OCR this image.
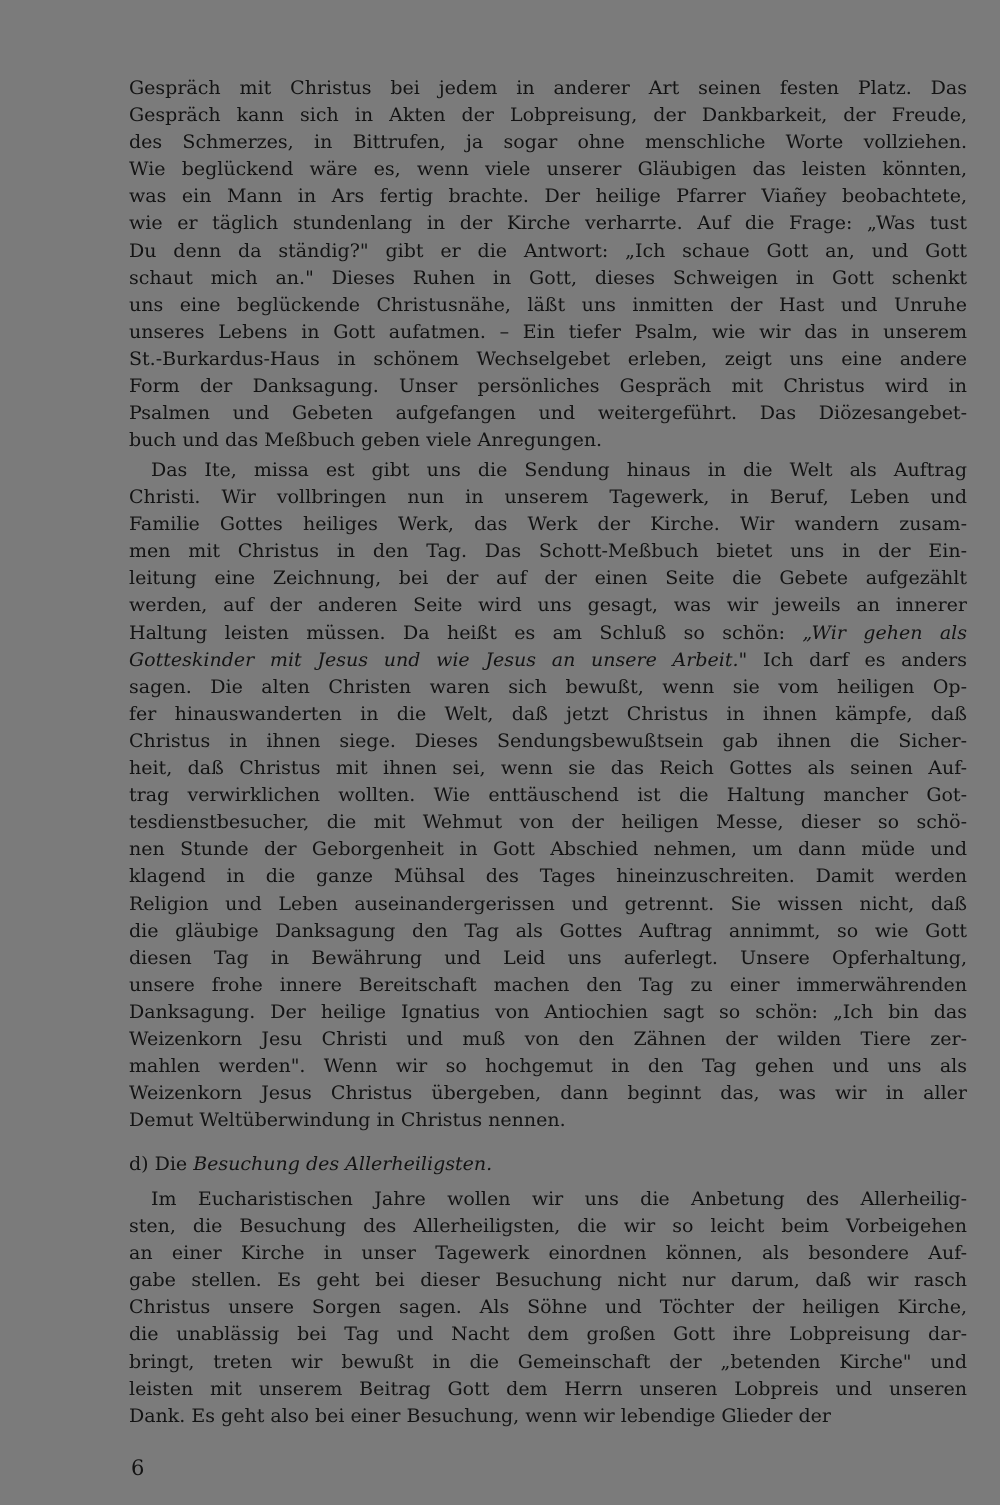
Gespräch mit Christus bei jedem in anderer Art seinen festen Platz. Das
Gespräch kann sich in Akten der Lobpreisung, der Dankbarkeit, der Freude,
des Schmerzes, in Bittrufen, ja sogar ohne menschliche Worte vollziehen.
Wie beglückend wäre es, wenn viele unserer Gläubigen das leisten könnten,
was ein Mann in Ars fertig brachte. Der heilige Pfarrer Viañey beobachtete,
wie er täglich stundenlang in der Kirche verharrte. Auf die Frage: „Was tust
Du denn da ständig?" gibt er die Antwort: „Ich schaue Gott an, und Gott
schaut mich an." Dieses Ruhen in Gott, dieses Schweigen in Gott schenkt
uns eine beglückende Christusnähe, läßt uns inmitten der Hast und Unruhe
unseres Lebens in Gott aufatmen. – Ein tiefer Psalm, wie wir das in unserem
St.-Burkardus-Haus in schönem Wechselgebet erleben, zeigt uns eine andere
Form der Danksagung. Unser persönliches Gespräch mit Christus wird in
Psalmen und Gebeten aufgefangen und weitergeführt. Das Diözesangebet-
buch und das Meßbuch geben viele Anregungen.
Das Ite, missa est gibt uns die Sendung hinaus in die Welt als Auftrag
Christi. Wir vollbringen nun in unserem Tagewerk, in Beruf, Leben und
Familie Gottes heiliges Werk, das Werk der Kirche. Wir wandern zusam-
men mit Christus in den Tag. Das Schott-Meßbuch bietet uns in der Ein-
leitung eine Zeichnung, bei der auf der einen Seite die Gebete aufgezählt
werden, auf der anderen Seite wird uns gesagt, was wir jeweils an innerer
Haltung leisten müssen. Da heißt es am Schluß so schön: „Wir gehen als
Gotteskinder mit Jesus und wie Jesus an unsere Arbeit." Ich darf es anders
sagen. Die alten Christen waren sich bewußt, wenn sie vom heiligen Op-
fer hinauswanderten in die Welt, daß jetzt Christus in ihnen kämpfe, daß
Christus in ihnen siege. Dieses Sendungsbewußtsein gab ihnen die Sicher-
heit, daß Christus mit ihnen sei, wenn sie das Reich Gottes als seinen Auf-
trag verwirklichen wollten. Wie enttäuschend ist die Haltung mancher Got-
tesdienstbesucher, die mit Wehmut von der heiligen Messe, dieser so schö-
nen Stunde der Geborgenheit in Gott Abschied nehmen, um dann müde und
klagend in die ganze Mühsal des Tages hineinzuschreiten. Damit werden
Religion und Leben auseinandergerissen und getrennt. Sie wissen nicht, daß
die gläubige Danksagung den Tag als Gottes Auftrag annimmt, so wie Gott
diesen Tag in Bewährung und Leid uns auferlegt. Unsere Opferhaltung,
unsere frohe innere Bereitschaft machen den Tag zu einer immerwährenden
Danksagung. Der heilige Ignatius von Antiochien sagt so schön: „Ich bin das
Weizenkorn Jesu Christi und muß von den Zähnen der wilden Tiere zer-
mahlen werden". Wenn wir so hochgemut in den Tag gehen und uns als
Weizenkorn Jesus Christus übergeben, dann beginnt das, was wir in aller
Demut Weltüberwindung in Christus nennen.
d) Die Besuchung des Allerheiligsten.
Im Eucharistischen Jahre wollen wir uns die Anbetung des Allerheilig-
sten, die Besuchung des Allerheiligsten, die wir so leicht beim Vorbeigehen
an einer Kirche in unser Tagewerk einordnen können, als besondere Auf-
gabe stellen. Es geht bei dieser Besuchung nicht nur darum, daß wir rasch
Christus unsere Sorgen sagen. Als Söhne und Töchter der heiligen Kirche,
die unablässig bei Tag und Nacht dem großen Gott ihre Lobpreisung dar-
bringt, treten wir bewußt in die Gemeinschaft der „betenden Kirche" und
leisten mit unserem Beitrag Gott dem Herrn unseren Lobpreis und unseren
Dank. Es geht also bei einer Besuchung, wenn wir lebendige Glieder der
6
